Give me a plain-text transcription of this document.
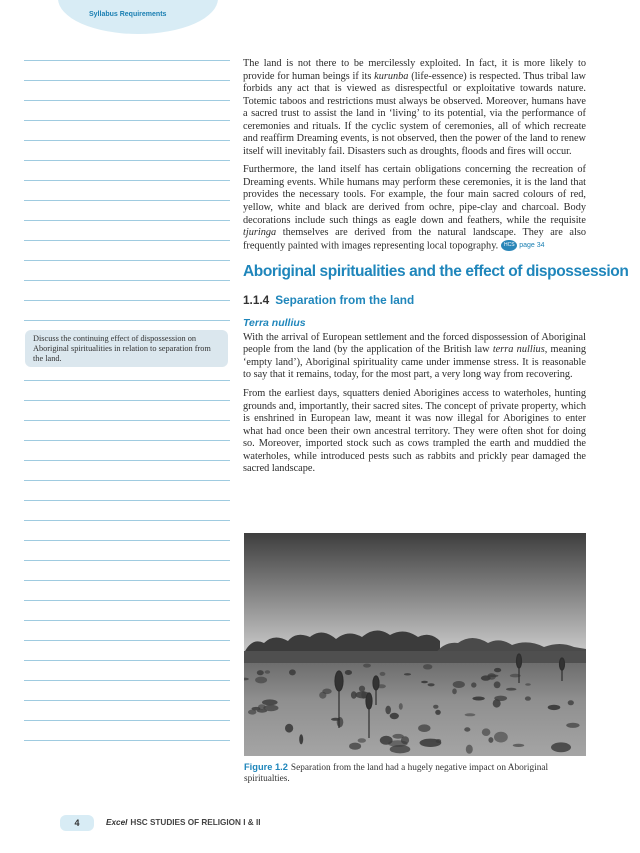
Syllabus Requirements
Discuss the continuing effect of dispossession on Aboriginal spiritualities in relation to separation from the land.

The land is not there to be mercilessly exploited. In fact, it is more likely to provide for human beings if its kurunba (life-essence) is respected. Thus tribal law forbids any act that is viewed as disrespectful or exploitative towards nature. Totemic taboos and restrictions must always be observed. Moreover, humans have a sacred trust to assist the land in ‘living’ to its potential, via the performance of ceremonies and rituals. If the cyclic system of ceremonies, all of which recreate and reaffirm Dreaming events, is not observed, then the power of the land to renew itself will inevitably fail. Disasters such as droughts, floods and fires will occur.

Furthermore, the land itself has certain obligations concerning the recreation of Dreaming events. While humans may perform these ceremonies, it is the land that provides the necessary tools. For example, the four main sacred colours of red, yellow, white and black are derived from ochre, pipe-clay and charcoal. Body decorations include such things as eagle down and feathers, while the requisite tjuringa themselves are derived from the natural landscape. They are also frequently painted with images representing local topography. HCS page 34

Aboriginal spiritualities and the effect of dispossession
1.1.4 Separation from the land
Terra nullius

With the arrival of European settlement and the forced dispossession of Aboriginal people from the land (by the application of the British law terra nullius, meaning ‘empty land’), Aboriginal spirituality came under immense stress. It is reasonable to say that it remains, today, for the most part, a very long way from recovering.

From the earliest days, squatters denied Aborigines access to waterholes, hunting grounds and, importantly, their sacred sites. The concept of private property, which is enshrined in European law, meant it was now illegal for Aborigines to enter what had once been their own ancestral territory. They were often shot for doing so. Moreover, imported stock such as cows trampled the earth and muddied the waterholes, while introduced pests such as rabbits and prickly pear damaged the sacred landscape.

Figure 1.2 Separation from the land had a hugely negative impact on Aboriginal spiritualties.
4	Excel HSC STUDIES OF RELIGION I & II
